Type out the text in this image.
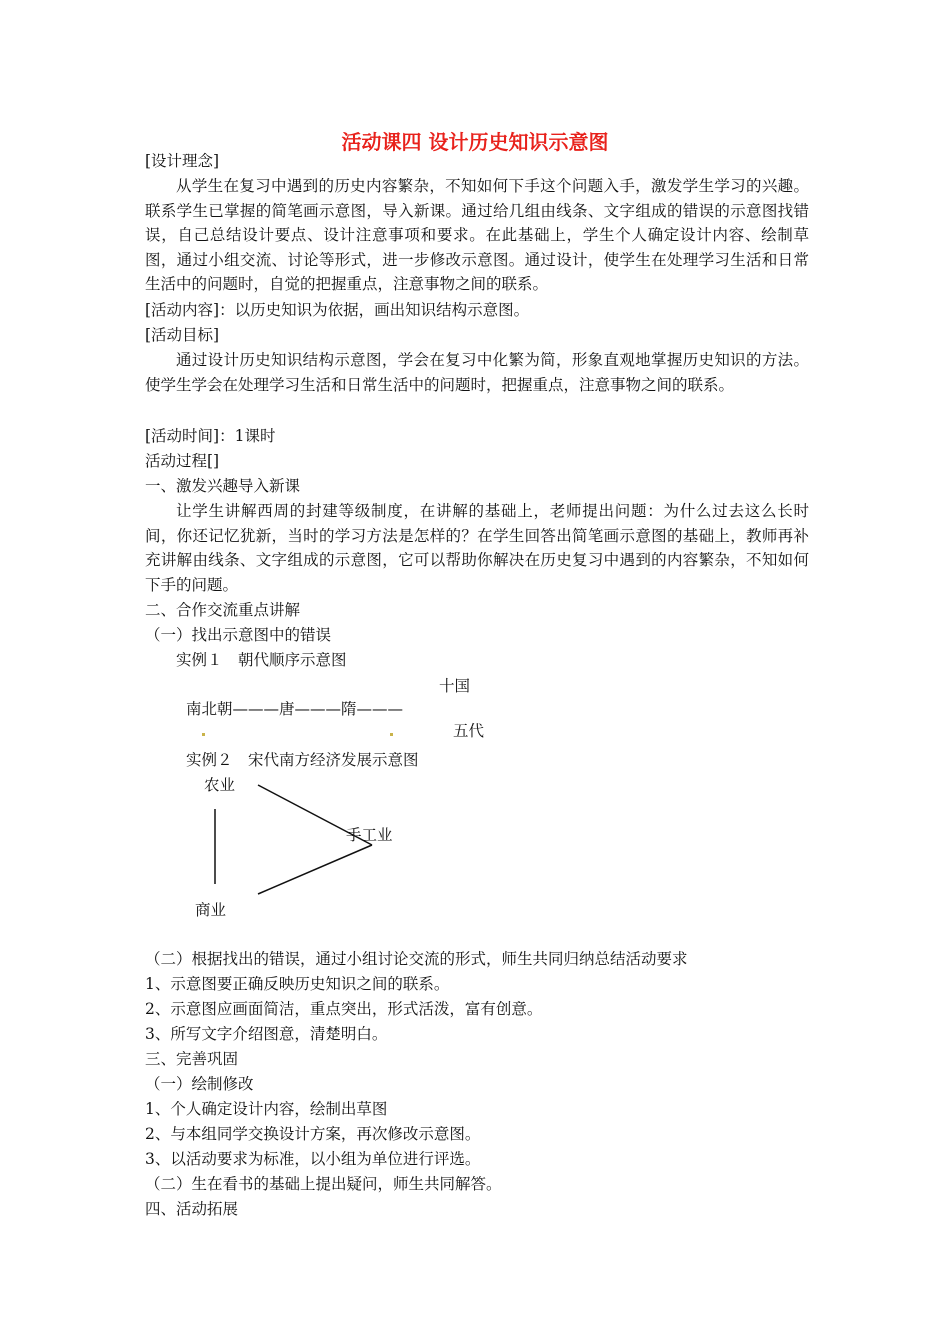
活动课四 设计历史知识示意图
[设计理念]
从学生在复习中遇到的历史内容繁杂，不知如何下手这个问题入手，激发学生学习的兴趣。联系学生已掌握的简笔画示意图，导入新课。通过给几组由线条、文字组成的错误的示意图找错误，自己总结设计要点、设计注意事项和要求。在此基础上，学生个人确定设计内容、绘制草图，通过小组交流、讨论等形式，进一步修改示意图。通过设计，使学生在处理学习生活和日常生活中的问题时，自觉的把握重点，注意事物之间的联系。
[活动内容]：以历史知识为依据，画出知识结构示意图。
[活动目标]
通过设计历史知识结构示意图，学会在复习中化繁为简，形象直观地掌握历史知识的方法。使学生学会在处理学习生活和日常生活中的问题时，把握重点，注意事物之间的联系。
[活动时间]：1课时
活动过程[]
一、激发兴趣导入新课
让学生讲解西周的封建等级制度，在讲解的基础上，老师提出问题：为什么过去这么长时间，你还记忆犹新，当时的学习方法是怎样的？在学生回答出简笔画示意图的基础上，教师再补充讲解由线条、文字组成的示意图，它可以帮助你解决在历史复习中遇到的内容繁杂，不知如何下手的问题。
二、合作交流重点讲解
（一）找出示意图中的错误
实例１　朝代顺序示意图
十国
南北朝———唐———隋———
五代
实例２　宋代南方经济发展示意图
农业
手工业
商业
（二）根据找出的错误，通过小组讨论交流的形式，师生共同归纳总结活动要求
1、示意图要正确反映历史知识之间的联系。
2、示意图应画面简洁，重点突出，形式活泼，富有创意。
3、所写文字介绍图意，清楚明白。
三、完善巩固
（一）绘制修改
1、个人确定设计内容，绘制出草图
2、与本组同学交换设计方案，再次修改示意图。
3、以活动要求为标准，以小组为单位进行评选。
（二）生在看书的基础上提出疑问，师生共同解答。
四、活动拓展
